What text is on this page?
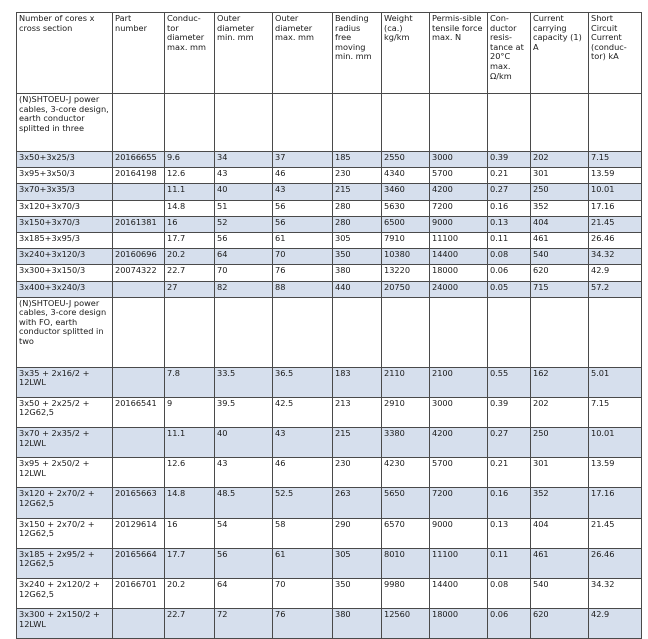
Number of cores x cross section	Part number	Conduc-tor diameter max. mm	Outer diameter min. mm	Outer diameter max. mm	Bending radius free moving min. mm	Weight (ca.) kg/km	Permis-sible tensile force max. N	Con-ductor resis-tance at 20°C max. Ω/km	Current carrying capacity (1) A	Short Circuit Current (conduc-tor) kA
(N)SHTOEU-J power cables, 3-core design, earth conductor splitted in three										
3x50+3x25/3	20166655	9.6	34	37	185	2550	3000	0.39	202	7.15
3x95+3x50/3	20164198	12.6	43	46	230	4340	5700	0.21	301	13.59
3x70+3x35/3		11.1	40	43	215	3460	4200	0.27	250	10.01
3x120+3x70/3		14.8	51	56	280	5630	7200	0.16	352	17.16
3x150+3x70/3	20161381	16	52	56	280	6500	9000	0.13	404	21.45
3x185+3x95/3		17.7	56	61	305	7910	11100	0.11	461	26.46
3x240+3x120/3	20160696	20.2	64	70	350	10380	14400	0.08	540	34.32
3x300+3x150/3	20074322	22.7	70	76	380	13220	18000	0.06	620	42.9
3x400+3x240/3		27	82	88	440	20750	24000	0.05	715	57.2
(N)SHTOEU-J power cables, 3-core design with FO, earth conductor splitted in two										
3x35 + 2x16/2 + 12LWL		7.8	33.5	36.5	183	2110	2100	0.55	162	5.01
3x50 + 2x25/2 + 12G62,5	20166541	9	39.5	42.5	213	2910	3000	0.39	202	7.15
3x70 + 2x35/2 + 12LWL		11.1	40	43	215	3380	4200	0.27	250	10.01
3x95 + 2x50/2 + 12LWL		12.6	43	46	230	4230	5700	0.21	301	13.59
3x120 + 2x70/2 + 12G62,5	20165663	14.8	48.5	52.5	263	5650	7200	0.16	352	17.16
3x150 + 2x70/2 + 12G62,5	20129614	16	54	58	290	6570	9000	0.13	404	21.45
3x185 + 2x95/2 + 12G62,5	20165664	17.7	56	61	305	8010	11100	0.11	461	26.46
3x240 + 2x120/2 + 12G62,5	20166701	20.2	64	70	350	9980	14400	0.08	540	34.32
3x300 + 2x150/2 + 12LWL		22.7	72	76	380	12560	18000	0.06	620	42.9
